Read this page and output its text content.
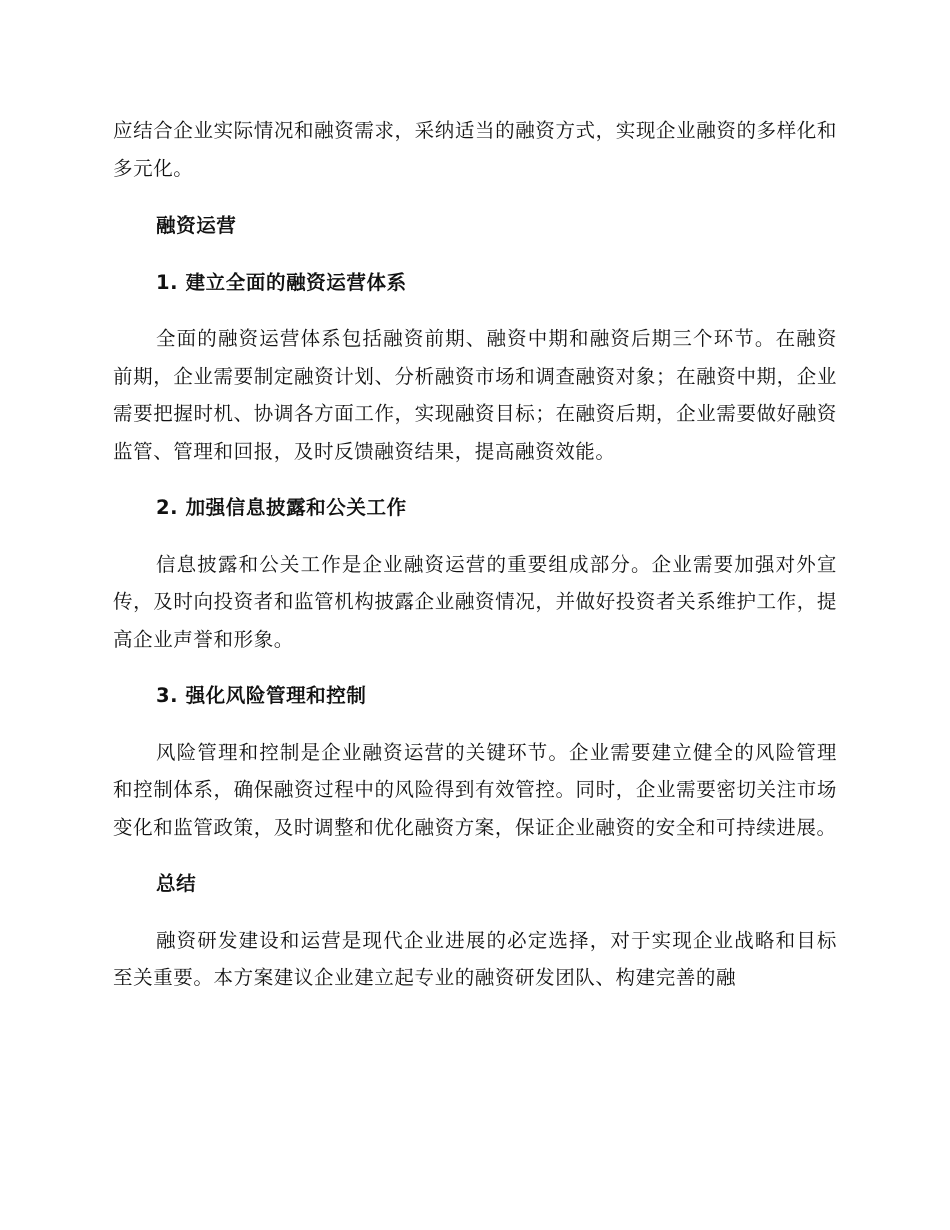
应结合企业实际情况和融资需求，采纳适当的融资方式，实现企业融资的多样化和多元化。

融资运营
1. 建立全面的融资运营体系

全面的融资运营体系包括融资前期、融资中期和融资后期三个环节。在融资前期，企业需要制定融资计划、分析融资市场和调查融资对象；在融资中期，企业需要把握时机、协调各方面工作，实现融资目标；在融资后期，企业需要做好融资监管、管理和回报，及时反馈融资结果，提高融资效能。

2. 加强信息披露和公关工作

信息披露和公关工作是企业融资运营的重要组成部分。企业需要加强对外宣传，及时向投资者和监管机构披露企业融资情况，并做好投资者关系维护工作，提高企业声誉和形象。

3. 强化风险管理和控制

风险管理和控制是企业融资运营的关键环节。企业需要建立健全的风险管理和控制体系，确保融资过程中的风险得到有效管控。同时，企业需要密切关注市场变化和监管政策，及时调整和优化融资方案，保证企业融资的安全和可持续进展。

总结

融资研发建设和运营是现代企业进展的必定选择，对于实现企业战略和目标至关重要。本方案建议企业建立起专业的融资研发团队、构建完善的融
